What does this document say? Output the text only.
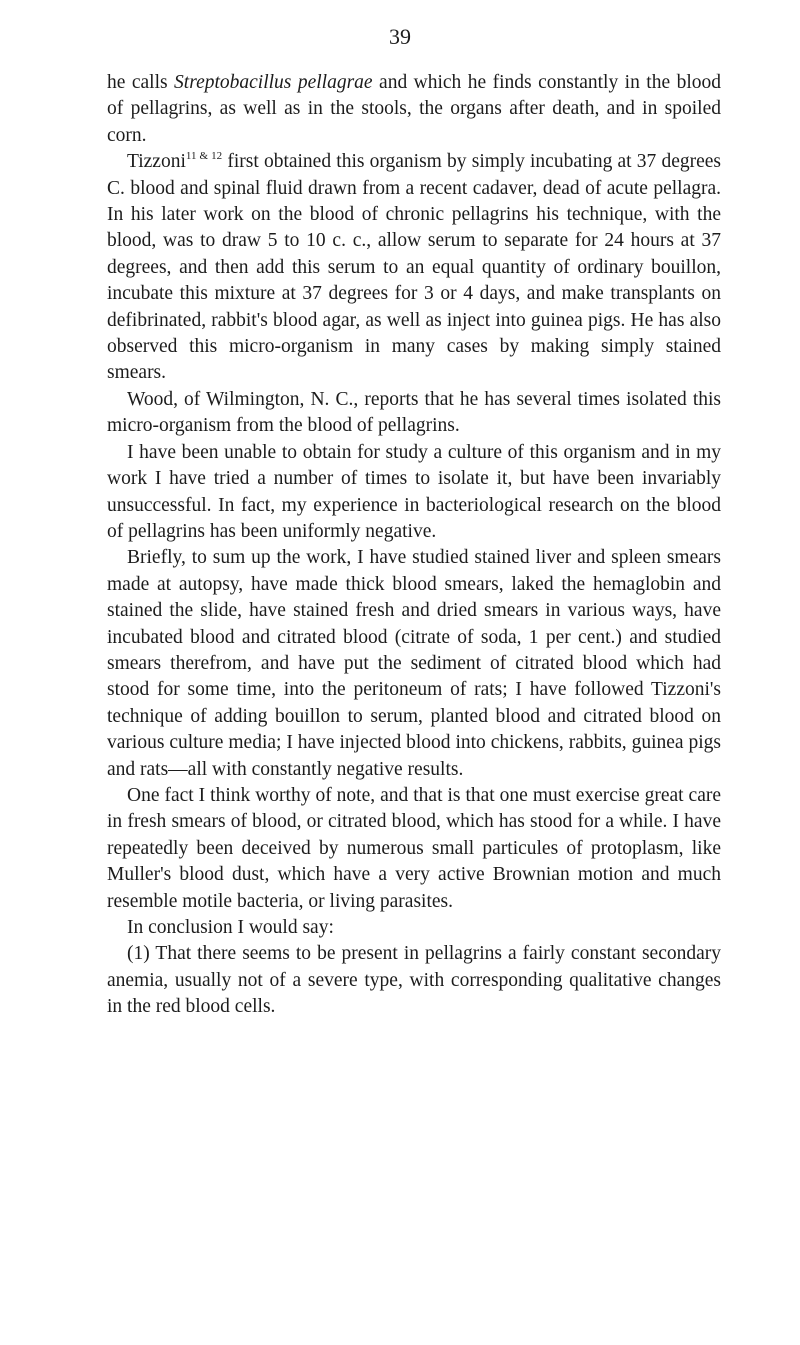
39

he calls Streptobacillus pellagrae and which he finds constantly in the blood of pellagrins, as well as in the stools, the organs after death, and in spoiled corn.

Tizzoni$^{11 \& 12}$ first obtained this organism by simply incubating at 37 degrees C. blood and spinal fluid drawn from a recent cadaver, dead of acute pellagra. In his later work on the blood of chronic pellagrins his technique, with the blood, was to draw 5 to 10 c. c., allow serum to separate for 24 hours at 37 degrees, and then add this serum to an equal quantity of ordinary bouillon, incubate this mixture at 37 degrees for 3 or 4 days, and make transplants on defibrinated, rabbit's blood agar, as well as inject into guinea pigs. He has also observed this micro-organism in many cases by making simply stained smears.

Wood, of Wilmington, N. C., reports that he has several times isolated this micro-organism from the blood of pellagrins.

I have been unable to obtain for study a culture of this organism and in my work I have tried a number of times to isolate it, but have been invariably unsuccessful. In fact, my experience in bacteriological research on the blood of pellagrins has been uniformly negative.

Briefly, to sum up the work, I have studied stained liver and spleen smears made at autopsy, have made thick blood smears, laked the hemaglobin and stained the slide, have stained fresh and dried smears in various ways, have incubated blood and citrated blood (citrate of soda, 1 per cent.) and studied smears therefrom, and have put the sediment of citrated blood which had stood for some time, into the peritoneum of rats; I have followed Tizzoni's technique of adding bouillon to serum, planted blood and citrated blood on various culture media; I have injected blood into chickens, rabbits, guinea pigs and rats—all with constantly negative results.

One fact I think worthy of note, and that is that one must exercise great care in fresh smears of blood, or citrated blood, which has stood for a while. I have repeatedly been deceived by numerous small particules of protoplasm, like Muller's blood dust, which have a very active Brownian motion and much resemble motile bacteria, or living parasites.

In conclusion I would say:

(1) That there seems to be present in pellagrins a fairly constant secondary anemia, usually not of a severe type, with corresponding qualitative changes in the red blood cells.
